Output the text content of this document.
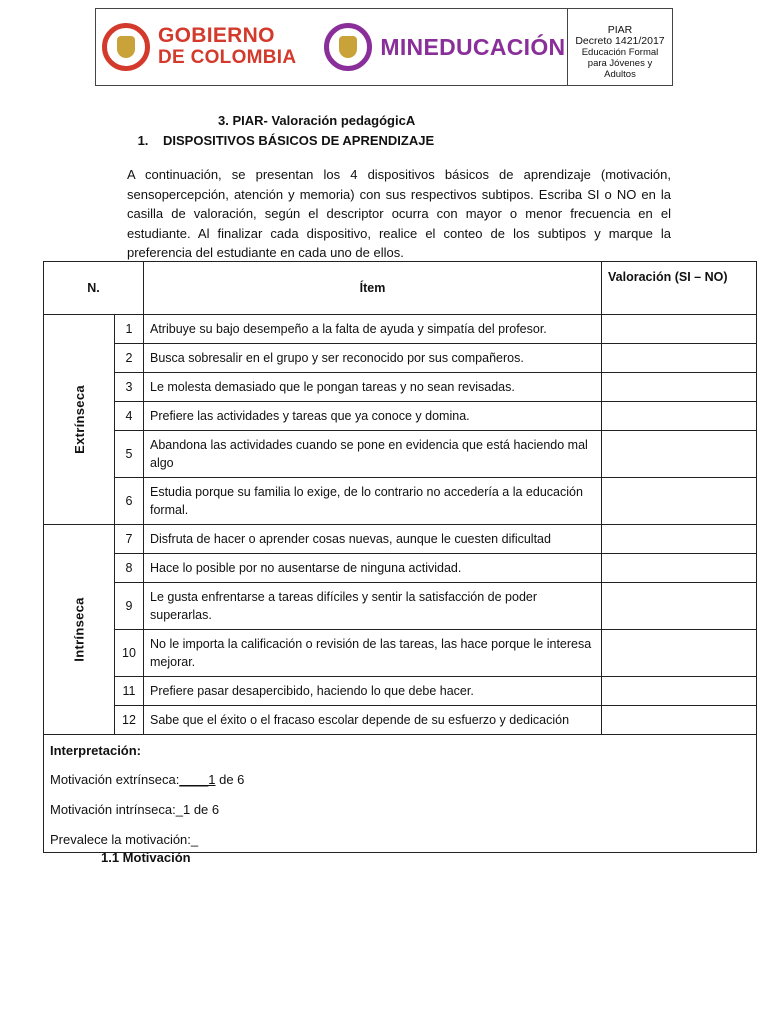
GOBIERNO
DE COLOMBIA	MINEDUCACIÓN
PIAR
Decreto 1421/2017
Educación Formal
para Jóvenes y
Adultos
3. PIAR- Valoración pedagógicA
1. DISPOSITIVOS BÁSICOS DE APRENDIZAJE
A continuación, se presentan los 4 dispositivos básicos de aprendizaje (motivación, sensopercepción, atención y memoria) con sus respectivos subtipos. Escriba SI o NO en la casilla de valoración, según el descriptor ocurra con mayor o menor frecuencia en el estudiante. Al finalizar cada dispositivo, realice el conteo de los subtipos y marque la preferencia del estudiante en cada uno de ellos.
N.		Ítem	Valoración (SI – NO)
Extrínseca	1	Atribuye su bajo desempeño a la falta de ayuda y simpatía del profesor.	
	2	Busca sobresalir en el grupo y ser reconocido por sus compañeros.	
	3	Le molesta demasiado que le pongan tareas y no sean revisadas.	
	4	Prefiere las actividades y tareas que ya conoce y domina.	
	5	Abandona las actividades cuando se pone en evidencia que está haciendo mal algo	
	6	Estudia porque su familia lo exige, de lo contrario no accedería a la educación formal.	
Intrínseca	7	Disfruta de hacer o aprender cosas nuevas, aunque le cuesten dificultad	
	8	Hace lo posible por no ausentarse de ninguna actividad.	
	9	Le gusta enfrentarse a tareas difíciles y sentir la satisfacción de poder superarlas.	
	10	No le importa la calificación o revisión de las tareas, las hace porque le interesa mejorar.	
	11	Prefiere pasar desapercibido, haciendo lo que debe hacer.	
	12	Sabe que el éxito o el fracaso escolar depende de su esfuerzo y dedicación	

Interpretación:
Motivación extrínseca:____1 de 6
Motivación intrínseca:_1 de 6
Prevalece la motivación:_			
1.1 Motivación
